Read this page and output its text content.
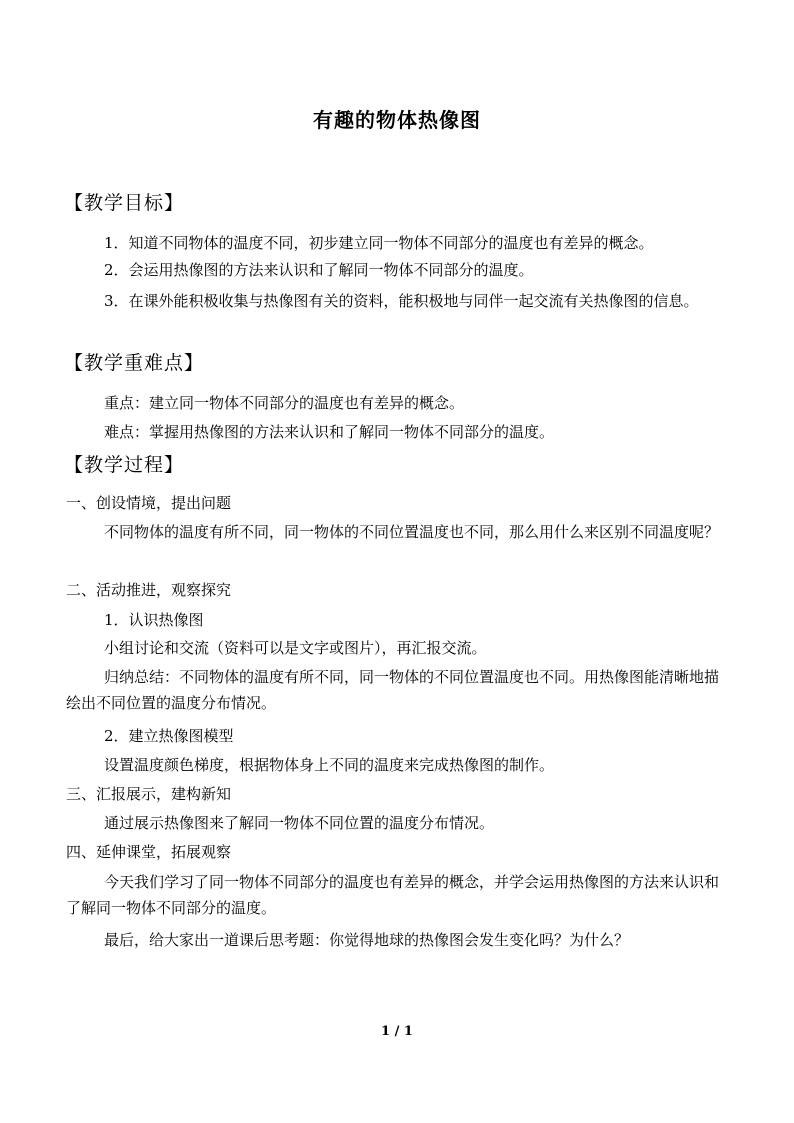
有趣的物体热像图
【教学目标】
1．知道不同物体的温度不同，初步建立同一物体不同部分的温度也有差异的概念。
2．会运用热像图的方法来认识和了解同一物体不同部分的温度。
3．在课外能积极收集与热像图有关的资料，能积极地与同伴一起交流有关热像图的信息。
【教学重难点】
重点：建立同一物体不同部分的温度也有差异的概念。
难点：掌握用热像图的方法来认识和了解同一物体不同部分的温度。
【教学过程】
一、创设情境，提出问题
不同物体的温度有所不同，同一物体的不同位置温度也不同，那么用什么来区别不同温度呢？
二、活动推进，观察探究
1．认识热像图
小组讨论和交流（资料可以是文字或图片），再汇报交流。
归纳总结：不同物体的温度有所不同，同一物体的不同位置温度也不同。用热像图能清晰地描绘出不同位置的温度分布情况。
2．建立热像图模型
设置温度颜色梯度，根据物体身上不同的温度来完成热像图的制作。
三、汇报展示，建构新知
通过展示热像图来了解同一物体不同位置的温度分布情况。
四、延伸课堂，拓展观察
今天我们学习了同一物体不同部分的温度也有差异的概念，并学会运用热像图的方法来认识和了解同一物体不同部分的温度。
最后，给大家出一道课后思考题：你觉得地球的热像图会发生变化吗？为什么？
1 / 1
